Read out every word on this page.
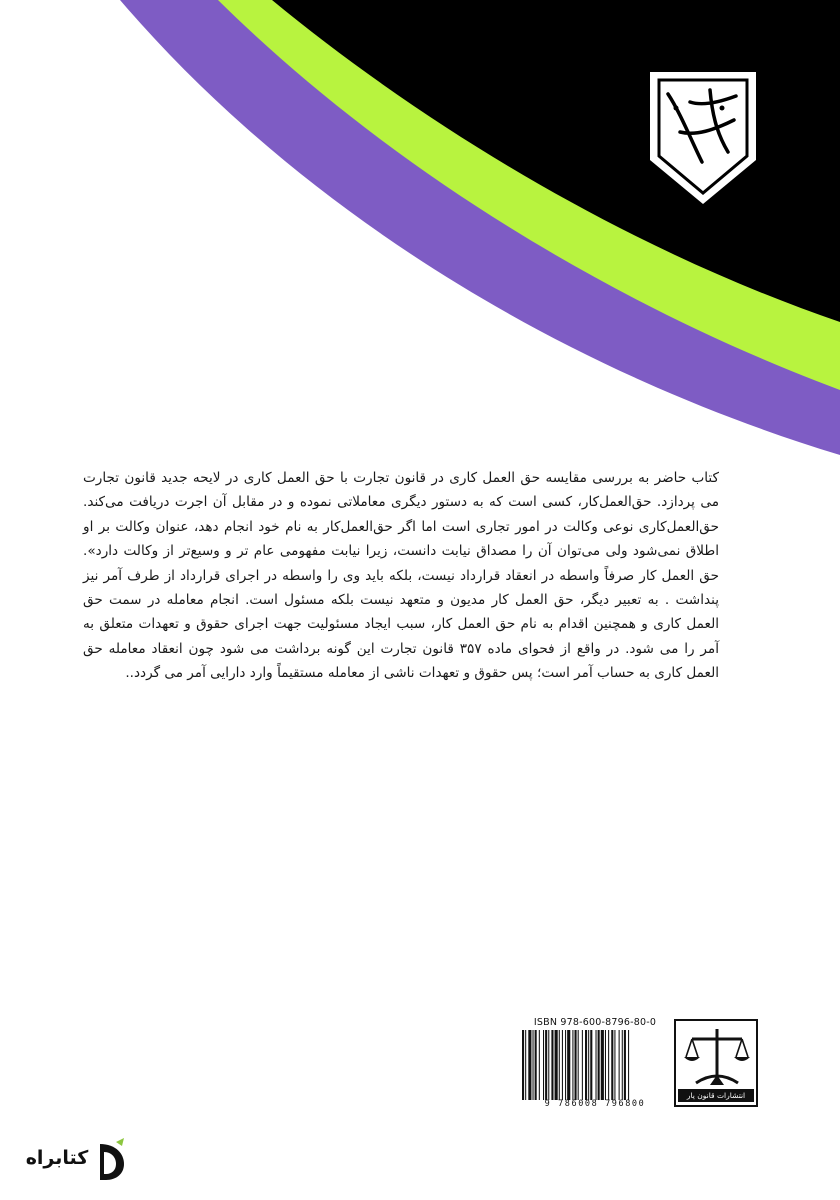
کتاب حاضر به بررسی مقایسه حق العمل کاری در قانون تجارت با حق العمل کاری در لایحه جدید قانون تجارت می پردازد. حق‌العمل‌کار، کسی است که به دستور دیگری معاملاتی نموده و در مقابل آن اجرت دریافت می‌کند. حق‌العمل‌کاری نوعی وکالت در امور تجاری است اما اگر حق‌العمل‌کار به نام خود انجام دهد، عنوان وکالت بر او اطلاق نمی‌شود ولی می‌توان آن را مصداق نیابت دانست، زیرا نیابت مفهومی عام تر و وسیع‌تر از وکالت دارد». حق العمل کار صرفاً واسطه در انعقاد قرارداد نیست، بلکه باید وی را واسطه در اجرای قرارداد از طرف آمر نیز پنداشت . به تعبیر دیگر، حق العمل کار مدیون و متعهد نیست بلکه مسئول است. انجام معامله در سمت حق العمل کاری و همچنین اقدام به نام حق العمل کار، سبب ایجاد مسئولیت جهت اجرای حقوق و تعهدات متعلق به آمر را می شود. در واقع از فحوای ماده ۳۵۷ قانون تجارت این گونه برداشت می شود چون انعقاد معامله حق العمل کاری به حساب آمر است؛ پس حقوق و تعهدات ناشی از معامله مستقیماً وارد دارایی آمر می گردد..

ISBN 978-600-8796-80-0
9 786008 796800
انتشارات قانون یار
کتابراه
